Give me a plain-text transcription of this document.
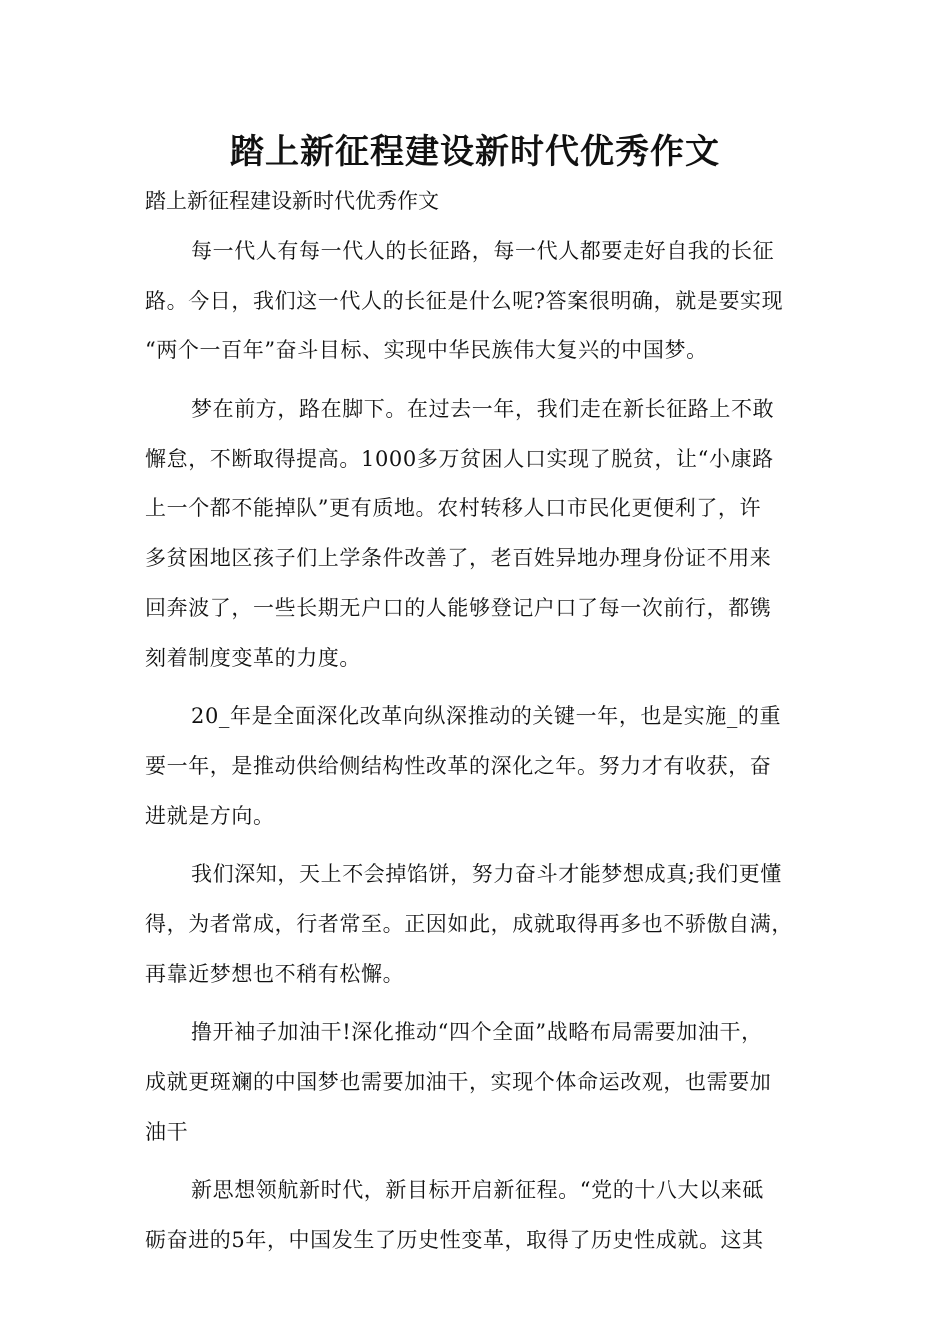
踏上新征程建设新时代优秀作文

踏上新征程建设新时代优秀作文

每一代人有每一代人的长征路，每一代人都要走好自我的长征
路。今日，我们这一代人的长征是什么呢?答案很明确，就是要实现
“两个一百年”奋斗目标、实现中华民族伟大复兴的中国梦。
梦在前方，路在脚下。在过去一年，我们走在新长征路上不敢
懈怠，不断取得提高。1000多万贫困人口实现了脱贫，让“小康路
上一个都不能掉队”更有质地。农村转移人口市民化更便利了，许
多贫困地区孩子们上学条件改善了，老百姓异地办理身份证不用来
回奔波了，一些长期无户口的人能够登记户口了每一次前行，都镌
刻着制度变革的力度。
20_年是全面深化改革向纵深推动的关键一年，也是实施_的重
要一年，是推动供给侧结构性改革的深化之年。努力才有收获，奋
进就是方向。
我们深知，天上不会掉馅饼，努力奋斗才能梦想成真;我们更懂
得，为者常成，行者常至。正因如此，成就取得再多也不骄傲自满，
再靠近梦想也不稍有松懈。
撸开袖子加油干!深化推动“四个全面”战略布局需要加油干，
成就更斑斓的中国梦也需要加油干，实现个体命运改观，也需要加
油干
新思想领航新时代，新目标开启新征程。“党的十八大以来砥
砺奋进的5年，中国发生了历史性变革，取得了历史性成就。这其
